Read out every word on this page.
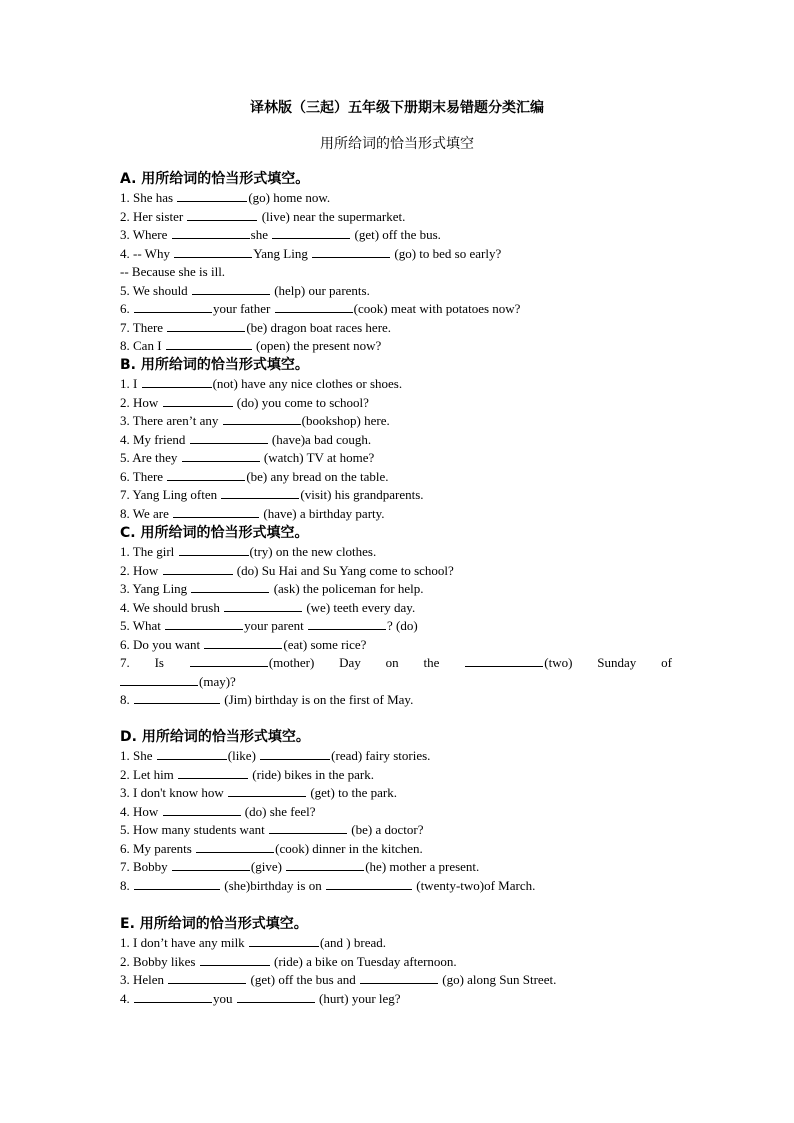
译林版（三起）五年级下册期末易错题分类汇编
用所给词的恰当形式填空
A. 用所给词的恰当形式填空。
1. She has	(go) home now.
2. Her sister	(live) near the supermarket.
3. Where	she	(get) off the bus.
4. -- Why	Yang Ling	(go) to bed so early?
-- Because she is ill.
5. We should	(help) our parents.
6.	your father	(cook) meat with potatoes now?
7. There	(be) dragon boat races here.
8. Can I	(open) the present now?
B. 用所给词的恰当形式填空。
1. I	(not) have any nice clothes or shoes.
2. How	(do) you come to school?
3. There aren’t any	(bookshop) here.
4. My friend	(have)a bad cough.
5. Are they	(watch) TV at home?
6. There	(be) any bread on the table.
7. Yang Ling often	(visit) his grandparents.
8. We are	(have) a birthday party.
C. 用所给词的恰当形式填空。
1. The girl	(try) on the new clothes.
2. How	(do) Su Hai and Su Yang come to school?
3. Yang Ling	(ask) the policeman for help.
4. We should brush	(we) teeth every day.
5. What	your parent	? (do)
6. Do you want	(eat) some rice?
7. Is	(mother) Day on the	(two) Sunday of
(may)?
8.	(Jim) birthday is on the first of May.
D. 用所给词的恰当形式填空。
1. She	(like)	(read) fairy stories.
2. Let him	(ride) bikes in the park.
3. I don't know how	(get) to the park.
4. How	(do) she feel?
5. How many students want	(be) a doctor?
6. My parents	(cook) dinner in the kitchen.
7. Bobby	(give)	(he) mother a present.
8.	(she)birthday is on	(twenty-two)of March.
E. 用所给词的恰当形式填空。
1. I don’t have any milk	(and ) bread.
2. Bobby likes	(ride) a bike on Tuesday afternoon.
3. Helen	(get) off the bus and	(go) along Sun Street.
4.	you	(hurt) your leg?
